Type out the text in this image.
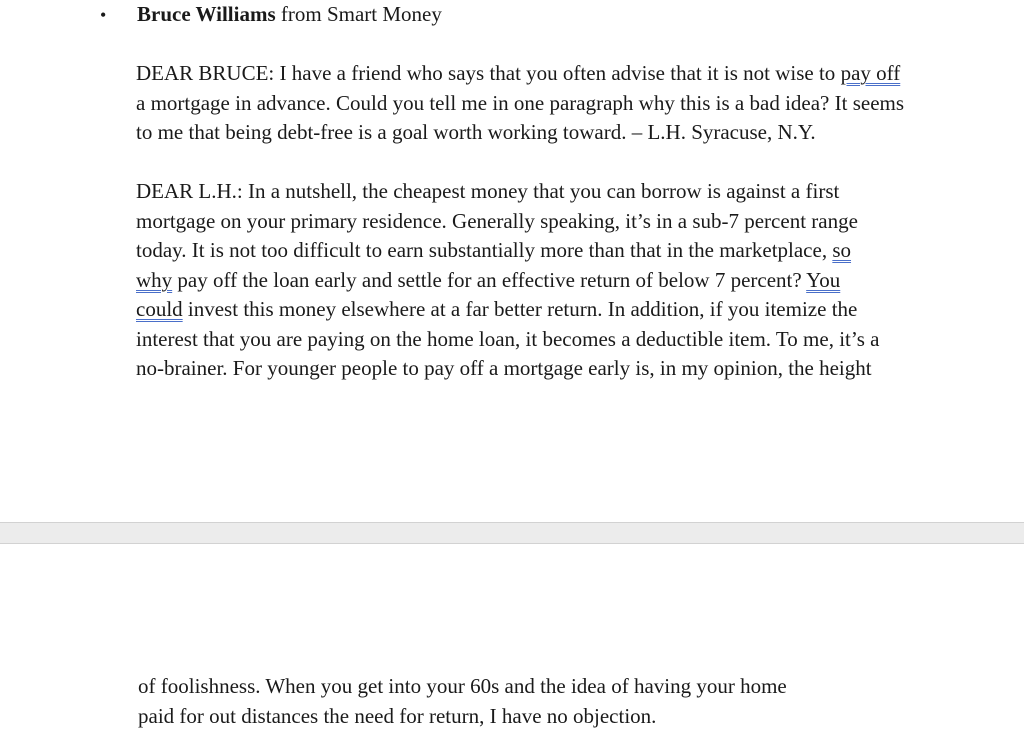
• Bruce Williams from Smart Money
DEAR BRUCE: I have a friend who says that you often advise that it is not wise to pay off
a mortgage in advance. Could you tell me in one paragraph why this is a bad idea? It seems
to me that being debt-free is a goal worth working toward. – L.H. Syracuse, N.Y.
DEAR L.H.: In a nutshell, the cheapest money that you can borrow is against a first
mortgage on your primary residence. Generally speaking, it’s in a sub-7 percent range
today. It is not too difficult to earn substantially more than that in the marketplace, so
why pay off the loan early and settle for an effective return of below 7 percent? You
could invest this money elsewhere at a far better return. In addition, if you itemize the
interest that you are paying on the home loan, it becomes a deductible item. To me, it’s a
no-brainer. For younger people to pay off a mortgage early is, in my opinion, the height
of foolishness. When you get into your 60s and the idea of having your home
paid for out distances the need for return, I have no objection.
